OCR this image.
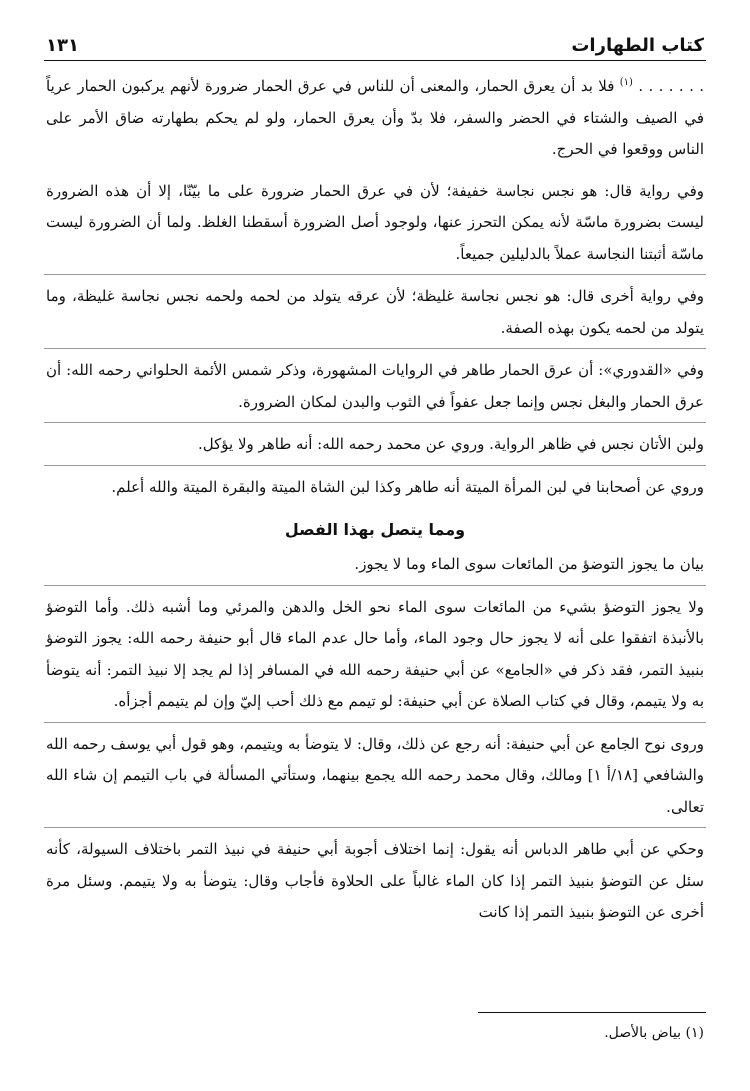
كتاب الطهارات
١٣١

. . . . . . . $^{(١)}$ فلا بد أن يعرق الحمار، والمعنى أن للناس في عرق الحمار ضرورة لأنهم يركبون الحمار عرياً في الصيف والشتاء في الحضر والسفر، فلا بدّ وأن يعرق الحمار، ولو لم يحكم بطهارته ضاق الأمر على الناس ووقعوا في الحرج.

وفي رواية قال: هو نجس نجاسة خفيفة؛ لأن في عرق الحمار ضرورة على ما بيّنّا، إلا أن هذه الضرورة ليست بضرورة ماسّة لأنه يمكن التحرز عنها، ولوجود أصل الضرورة أسقطنا الغلظ. ولما أن الضرورة ليست ماسّة أثبتنا النجاسة عملاً بالدليلين جميعاً.

وفي رواية أخرى قال: هو نجس نجاسة غليظة؛ لأن عرقه يتولد من لحمه ولحمه نجس نجاسة غليظة، وما يتولد من لحمه يكون بهذه الصفة.

وفي «القدوري»: أن عرق الحمار طاهر في الروايات المشهورة، وذكر شمس الأئمة الحلواني رحمه الله: أن عرق الحمار والبغل نجس وإنما جعل عفواً في الثوب والبدن لمكان الضرورة.

ولبن الأتان نجس في ظاهر الرواية. وروي عن محمد رحمه الله: أنه طاهر ولا يؤكل.

وروي عن أصحابنا في لبن المرأة الميتة أنه طاهر وكذا لبن الشاة الميتة والبقرة الميتة والله أعلم.

ومما يتصل بهذا الفصل

بيان ما يجوز التوضؤ من المائعات سوى الماء وما لا يجوز.

ولا يجوز التوضؤ بشيء من المائعات سوى الماء نحو الخل والدهن والمرئي وما أشبه ذلك. وأما التوضؤ بالأنبذة اتفقوا على أنه لا يجوز حال وجود الماء، وأما حال عدم الماء قال أبو حنيفة رحمه الله: يجوز التوضؤ بنبيذ التمر، فقد ذكر في «الجامع» عن أبي حنيفة رحمه الله في المسافر إذا لم يجد إلا نبيذ التمر: أنه يتوضأ به ولا يتيمم، وقال في كتاب الصلاة عن أبي حنيفة: لو تيمم مع ذلك أحب إليّ وإن لم يتيمم أجزأه.

وروى نوح الجامع عن أبي حنيفة: أنه رجع عن ذلك، وقال: لا يتوضأ به ويتيمم، وهو قول أبي يوسف رحمه الله والشافعي [١٨/أ ١] ومالك، وقال محمد رحمه الله يجمع بينهما، وستأتي المسألة في باب التيمم إن شاء الله تعالى.

وحكي عن أبي طاهر الدباس أنه يقول: إنما اختلاف أجوبة أبي حنيفة في نبيذ التمر باختلاف السيولة، كأنه سئل عن التوضؤ بنبيذ التمر إذا كان الماء غالباً على الحلاوة فأجاب وقال: يتوضأ به ولا يتيمم. وسئل مرة أخرى عن التوضؤ بنبيذ التمر إذا كانت

(١) بياض بالأصل.
